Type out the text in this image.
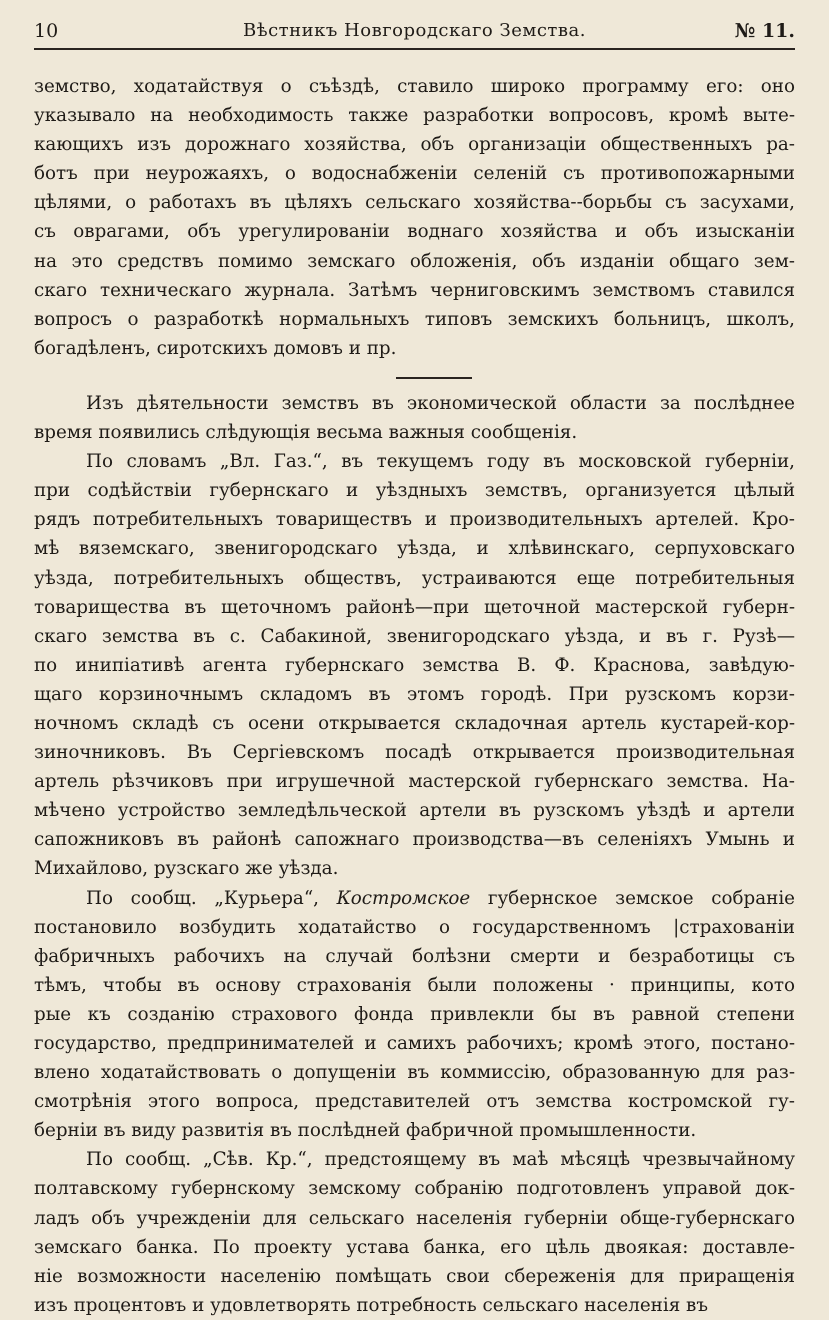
10	Вѣстникъ Новгородскаго Земства.	№ 11.
земство, ходатайствуя о съѣздѣ, ставило широко программу его: оно
указывало на необходимость также разработки вопросовъ, кромѣ выте-
кающихъ изъ дорожнаго хозяйства, объ организаціи общественныхъ ра-
ботъ при неурожаяхъ, о водоснабженіи селеній съ противопожарными
цѣлями, о работахъ въ цѣляхъ сельскаго хозяйства--борьбы съ засухами,
съ оврагами, объ урегулированіи воднаго хозяйства и объ изысканіи
на это средствъ помимо земскаго обложенія, объ изданіи общаго зем-
скаго техническаго журнала. Затѣмъ черниговскимъ земствомъ ставился
вопросъ о разработкѣ нормальныхъ типовъ земскихъ больницъ, школъ,
богадѣленъ, сиротскихъ домовъ и пр.
Изъ дѣятельности земствъ въ экономической области за послѣднее
время появились слѣдующія весьма важныя сообщенія.
По словамъ „Вл. Газ.“, въ текущемъ году въ московской губерніи,
при содѣйствіи губернскаго и уѣздныхъ земствъ, организуется цѣлый
рядъ потребительныхъ товариществъ и производительныхъ артелей. Кро-
мѣ вяземскаго, звенигородскаго уѣзда, и хлѣвинскаго, серпуховскаго
уѣзда, потребительныхъ обществъ, устраиваются еще потребительныя
товарищества въ щеточномъ районѣ—при щеточной мастерской губерн-
скаго земства въ с. Сабакиной, звенигородскаго уѣзда, и въ г. Рузѣ—
по инипіативѣ агента губернскаго земства В. Ф. Краснова, завѣдую-
щаго корзиночнымъ складомъ въ этомъ городѣ. При рузскомъ корзи-
ночномъ складѣ съ осени открывается складочная артель кустарей-кор-
зиночниковъ. Въ Сергіевскомъ посадѣ открывается производительная
артель рѣзчиковъ при игрушечной мастерской губернскаго земства. На-
мѣчено устройство земледѣльческой артели въ рузскомъ уѣздѣ и артели
сапожниковъ въ районѣ сапожнаго производства—въ селеніяхъ Умынь и
Михайлово, рузскаго же уѣзда.
По сообщ. „Курьера“, Костромское губернское земское собраніе
постановило возбудить ходатайство о государственномъ |страхованіи
фабричныхъ рабочихъ на случай болѣзни смерти и безработицы съ
тѣмъ, чтобы въ основу страхованія были положены · принципы, кото
рые къ созданію страхового фонда привлекли бы въ равной степени
государство, предпринимателей и самихъ рабочихъ; кромѣ этого, постано-
влено ходатайствовать о допущеніи въ коммиссію, образованную для раз-
смотрѣнія этого вопроса, представителей отъ земства костромской гу-
берніи въ виду развитія въ послѣдней фабричной промышленности.
По сообщ. „Сѣв. Кр.“, предстоящему въ маѣ мѣсяцѣ чрезвычайному
полтавскому губернскому земскому собранію подготовленъ управой док-
ладъ объ учрежденіи для сельскаго населенія губерніи обще-губернскаго
земскаго банка. По проекту устава банка, его цѣль двоякая: доставле-
ніе возможности населенію помѣщать свои сбереженія для приращенія
изъ процентовъ и удовлетворять потребность сельскаго населенія въ
